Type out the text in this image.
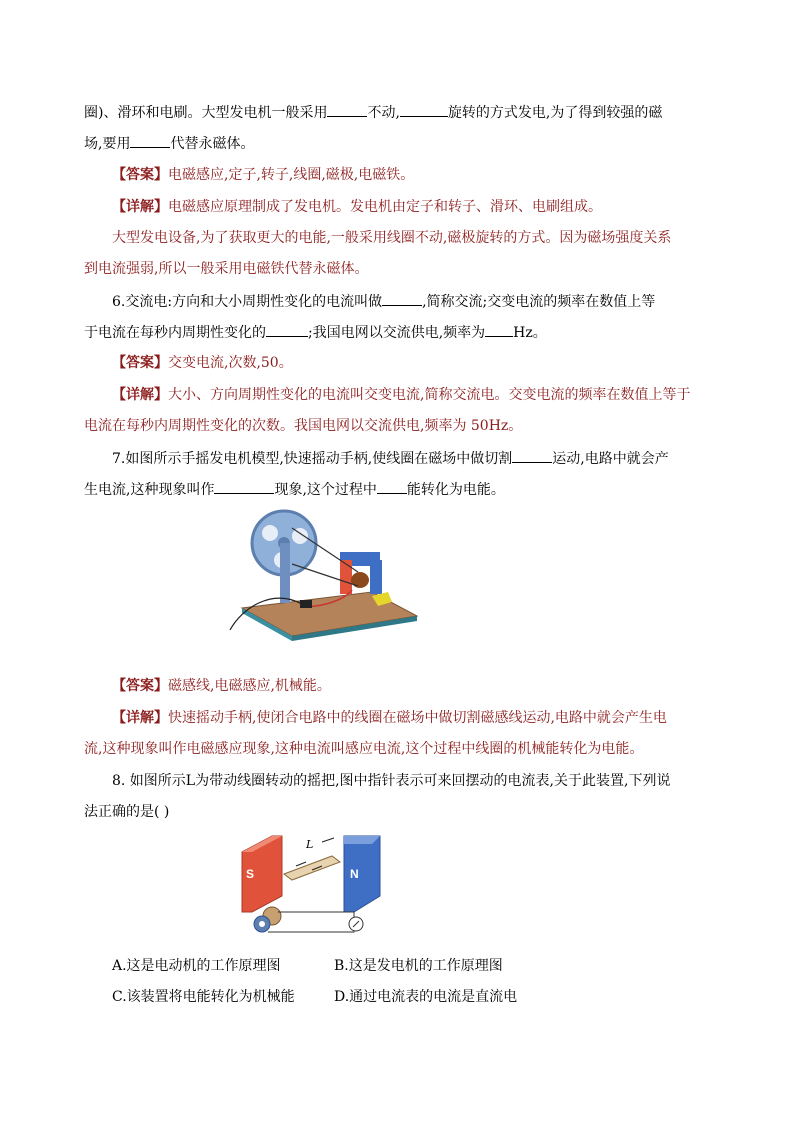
圈)、滑环和电刷。大型发电机一般采用	不动,	旋转的方式发电,为了得到较强的磁
场,要用	代替永磁体。
【答案】电磁感应,定子,转子,线圈,磁极,电磁铁。
【详解】电磁感应原理制成了发电机。发电机由定子和转子、滑环、电刷组成。
大型发电设备,为了获取更大的电能,一般采用线圈不动,磁极旋转的方式。因为磁场强度关系
到电流强弱,所以一般采用电磁铁代替永磁体。
6.交流电:方向和大小周期性变化的电流叫做	,简称交流;交变电流的频率在数值上等
于电流在每秒内周期性变化的	;我国电网以交流供电,频率为 Hz。
【答案】交变电流,次数,50。
【详解】大小、方向周期性变化的电流叫交变电流,简称交流电。交变电流的频率在数值上等于
电流在每秒内周期性变化的次数。我国电网以交流供电,频率为 50Hz。
7.如图所示手摇发电机模型,快速摇动手柄,使线圈在磁场中做切割	运动,电路中就会产
生电流,这种现象叫作	现象,这个过程中 能转化为电能。
【答案】磁感线,电磁感应,机械能。
【详解】快速摇动手柄,使闭合电路中的线圈在磁场中做切割磁感线运动,电路中就会产生电
流,这种现象叫作电磁感应现象,这种电流叫感应电流,这个过程中线圈的机械能转化为电能。
8. 如图所示L为带动线圈转动的摇把,图中指针表示可来回摆动的电流表,关于此装置,下列说
法正确的是( )
S	N
L
A.这是电动机的工作原理图	B.这是发电机的工作原理图
C.该装置将电能转化为机械能	D.通过电流表的电流是直流电
